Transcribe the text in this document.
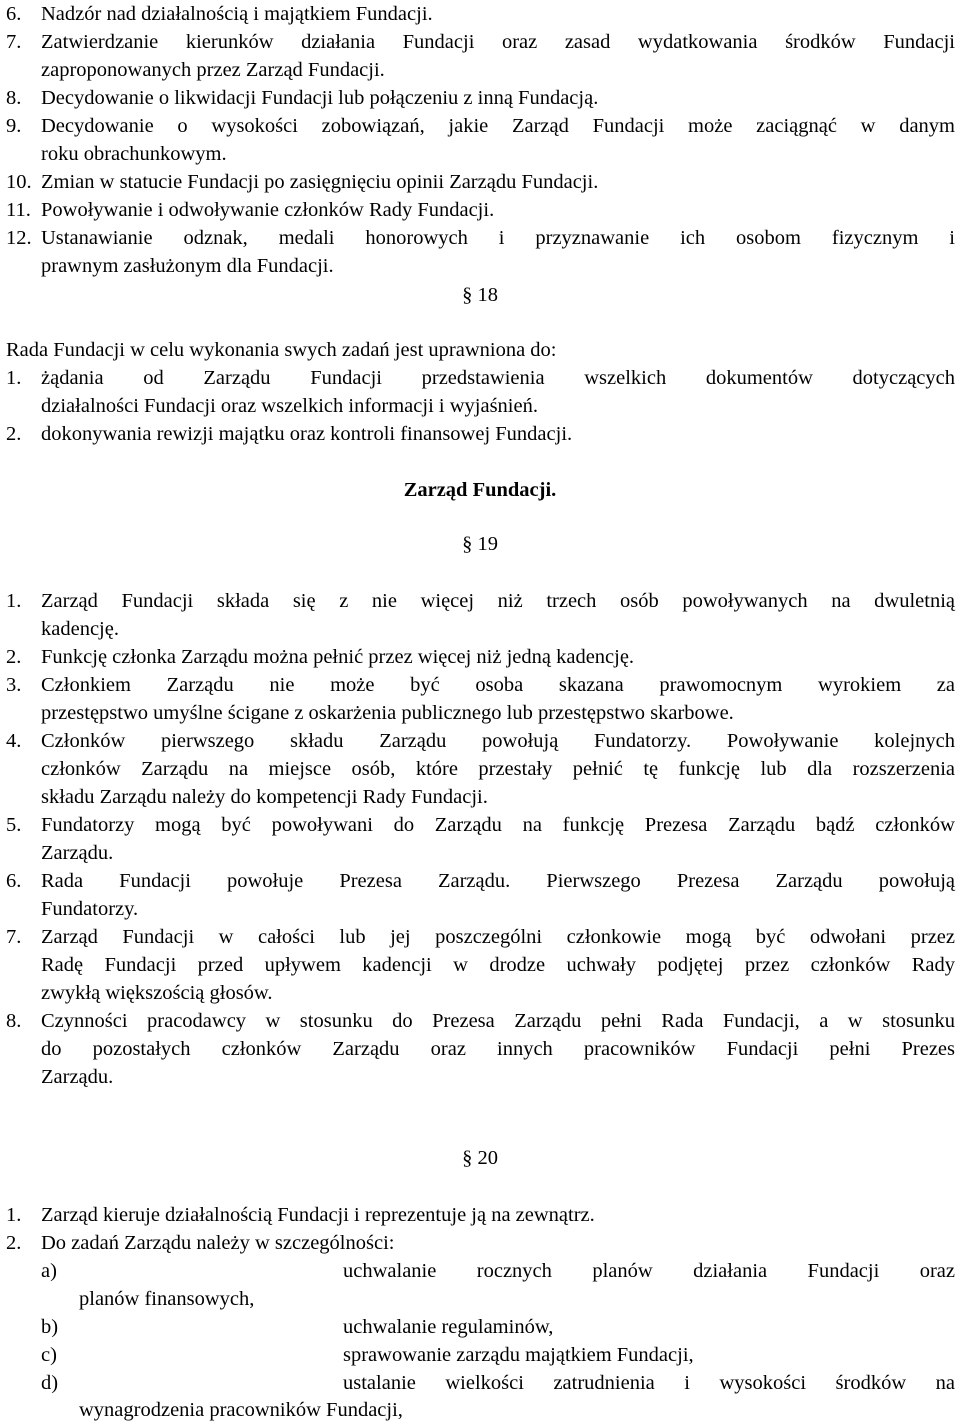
6. Nadzór nad działalnością i majątkiem Fundacji.
7. Zatwierdzanie kierunków działania Fundacji oraz zasad wydatkowania środków Fundacji
zaproponowanych przez Zarząd Fundacji.
8. Decydowanie o likwidacji Fundacji lub połączeniu z inną Fundacją.
9. Decydowanie o wysokości zobowiązań, jakie Zarząd Fundacji może zaciągnąć w danym
roku obrachunkowym.
10. Zmian w statucie Fundacji po zasięgnięciu opinii Zarządu Fundacji.
11. Powoływanie i odwoływanie członków Rady Fundacji.
12. Ustanawianie odznak, medali honorowych i przyznawanie ich osobom fizycznym i
prawnym zasłużonym dla Fundacji.
§ 18
Rada Fundacji w celu wykonania swych zadań jest uprawniona do:
1. żądania od Zarządu Fundacji przedstawienia wszelkich dokumentów dotyczących
działalności Fundacji oraz wszelkich informacji i wyjaśnień.
2. dokonywania rewizji majątku oraz kontroli finansowej Fundacji.
Zarząd Fundacji.
§ 19
1. Zarząd Fundacji składa się z nie więcej niż trzech osób powoływanych na dwuletnią
kadencję.
2. Funkcję członka Zarządu można pełnić przez więcej niż jedną kadencję.
3. Członkiem Zarządu nie może być osoba skazana prawomocnym wyrokiem za
przestępstwo umyślne ścigane z oskarżenia publicznego lub przestępstwo skarbowe.
4. Członków pierwszego składu Zarządu powołują Fundatorzy. Powoływanie kolejnych
członków Zarządu na miejsce osób, które przestały pełnić tę funkcję lub dla rozszerzenia
składu Zarządu należy do kompetencji Rady Fundacji.
5. Fundatorzy mogą być powoływani do Zarządu na funkcję Prezesa Zarządu bądź członków
Zarządu.
6. Rada Fundacji powołuje Prezesa Zarządu. Pierwszego Prezesa Zarządu powołują
Fundatorzy.
7. Zarząd Fundacji w całości lub jej poszczególni członkowie mogą być odwołani przez
Radę Fundacji przed upływem kadencji w drodze uchwały podjętej przez członków Rady
zwykłą większością głosów.
8. Czynności pracodawcy w stosunku do Prezesa Zarządu pełni Rada Fundacji, a w stosunku
do pozostałych członków Zarządu oraz innych pracowników Fundacji pełni Prezes
Zarządu.
§ 20
1. Zarząd kieruje działalnością Fundacji i reprezentuje ją na zewnątrz.
2. Do zadań Zarządu należy w szczególności:
a)	uchwalanie rocznych planów działania Fundacji oraz
planów finansowych,
b)	uchwalanie regulaminów,
c)	sprawowanie zarządu majątkiem Fundacji,
d)	ustalanie wielkości zatrudnienia i wysokości środków na
wynagrodzenia pracowników Fundacji,
